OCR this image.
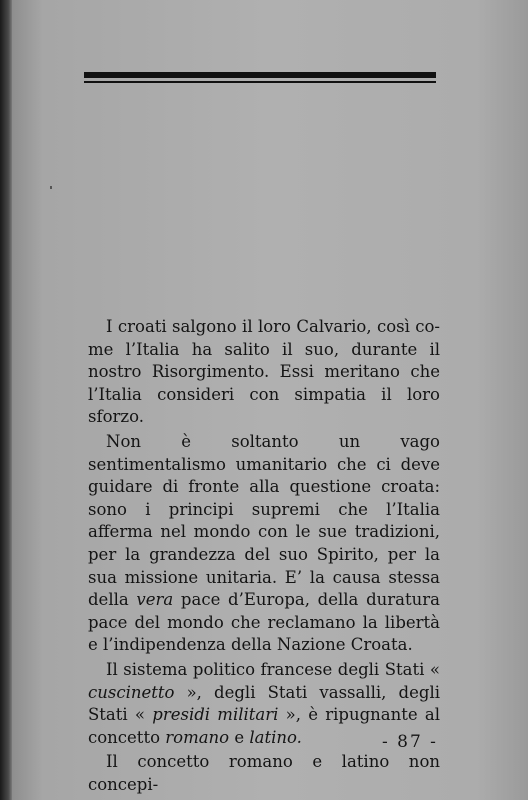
I croati salgono il loro Calvario, così come l’Italia ha salito il suo, durante il nostro Risorgimento. Essi meritano che l’Italia consideri con simpatia il loro sforzo.

Non è soltanto un vago sentimentalismo umanitario che ci deve guidare di fronte alla questione croata: sono i principi supremi che l’Italia afferma nel mondo con le sue tradizioni, per la grandezza del suo Spirito, per la sua missione unitaria. E’ la causa stessa della vera pace d’Europa, della duratura pace del mondo che reclamano la libertà e l’indipendenza della Nazione Croata.

Il sistema politico francese degli Stati « cuscinetto », degli Stati vassalli, degli Stati « presidi militari », è ripugnante al concetto romano e latino.

Il concetto romano e latino non concepi-

- 87 -
